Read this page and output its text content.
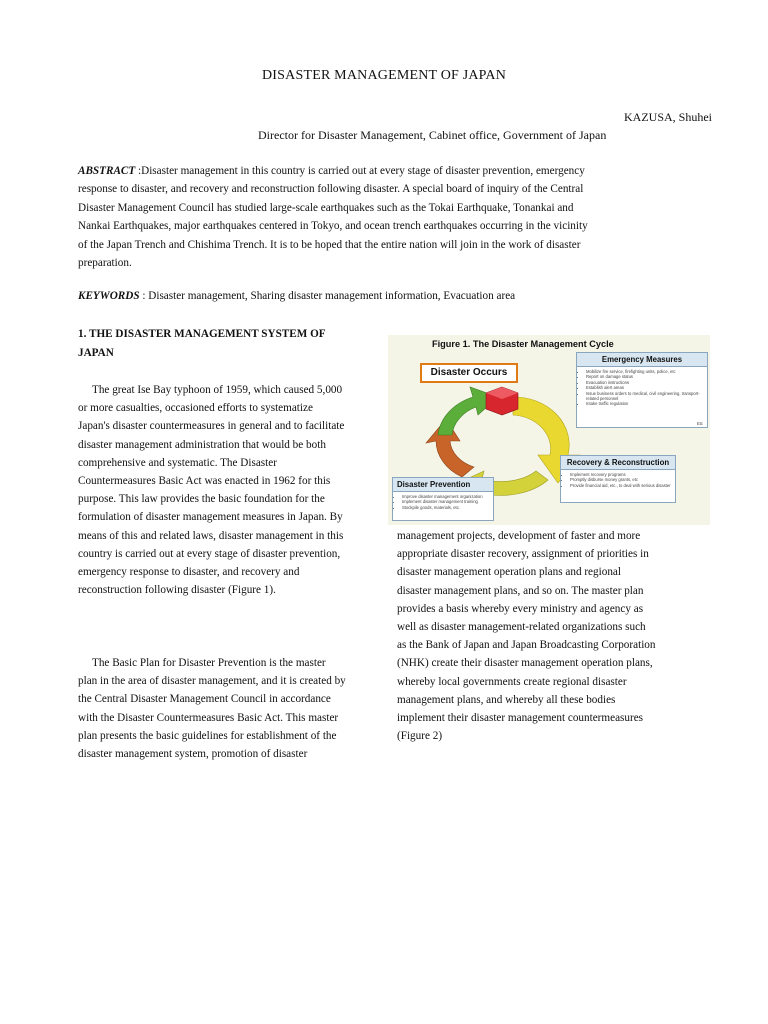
DISASTER MANAGEMENT OF JAPAN
KAZUSA, Shuhei
Director for Disaster Management, Cabinet office, Government of Japan
ABSTRACT :Disaster management in this country is carried out at every stage of disaster prevention, emergency response to disaster, and recovery and reconstruction following disaster. A special board of inquiry of the Central Disaster Management Council has studied large-scale earthquakes such as the Tokai Earthquake, Tonankai and Nankai Earthquakes, major earthquakes centered in Tokyo, and ocean trench earthquakes occurring in the vicinity of the Japan Trench and Chishima Trench. It is to be hoped that the entire nation will join in the work of disaster preparation.
KEYWORDS : Disaster management, Sharing disaster management information, Evacuation area
1. THE DISASTER MANAGEMENT SYSTEM OF JAPAN

The great Ise Bay typhoon of 1959, which caused 5,000 or more casualties, occasioned efforts to systematize Japan's disaster countermeasures in general and to facilitate disaster management administration that would be both comprehensive and systematic. The Disaster Countermeasures Basic Act was enacted in 1962 for this purpose. This law provides the basic foundation for the formulation of disaster management measures in Japan. By means of this and related laws, disaster management in this country is carried out at every stage of disaster prevention, emergency response to disaster, and recovery and reconstruction following disaster (Figure 1).

The Basic Plan for Disaster Prevention is the master plan in the area of disaster management, and it is created by the Central Disaster Management Council in accordance with the Disaster Countermeasures Basic Act. This master plan presents the basic guidelines for establishment of the disaster management system, promotion of disaster

management projects, development of faster and more appropriate disaster recovery, assignment of priorities in disaster management operation plans and regional disaster management plans, and so on. The master plan provides a basis whereby every ministry and agency as well as disaster management-related organizations such as the Bank of Japan and Japan Broadcasting Corporation (NHK) create their disaster management operation plans, whereby local governments create regional disaster management plans, and whereby all these bodies implement their disaster management countermeasures (Figure 2)

Figure 1. The Disaster Management Cycle
Disaster Occurs
Emergency Measures
• Mobilize fire service, firefighting units, police, etc
• Report on damage status
• Evacuation instructions
• Establish alert areas
• Issue business orders to medical, civil engineering, transport-related personnel
• Intake traffic regulation
Etc
Recovery & Reconstruction
• Implement recovery programs
• Promptly disburse money grants, etc
• Provide financial aid, etc., to deal with serious disaster
Disaster Prevention
• Improve disaster management organization
• Implement disaster management training
• Stockpile goods, materials, etc.
